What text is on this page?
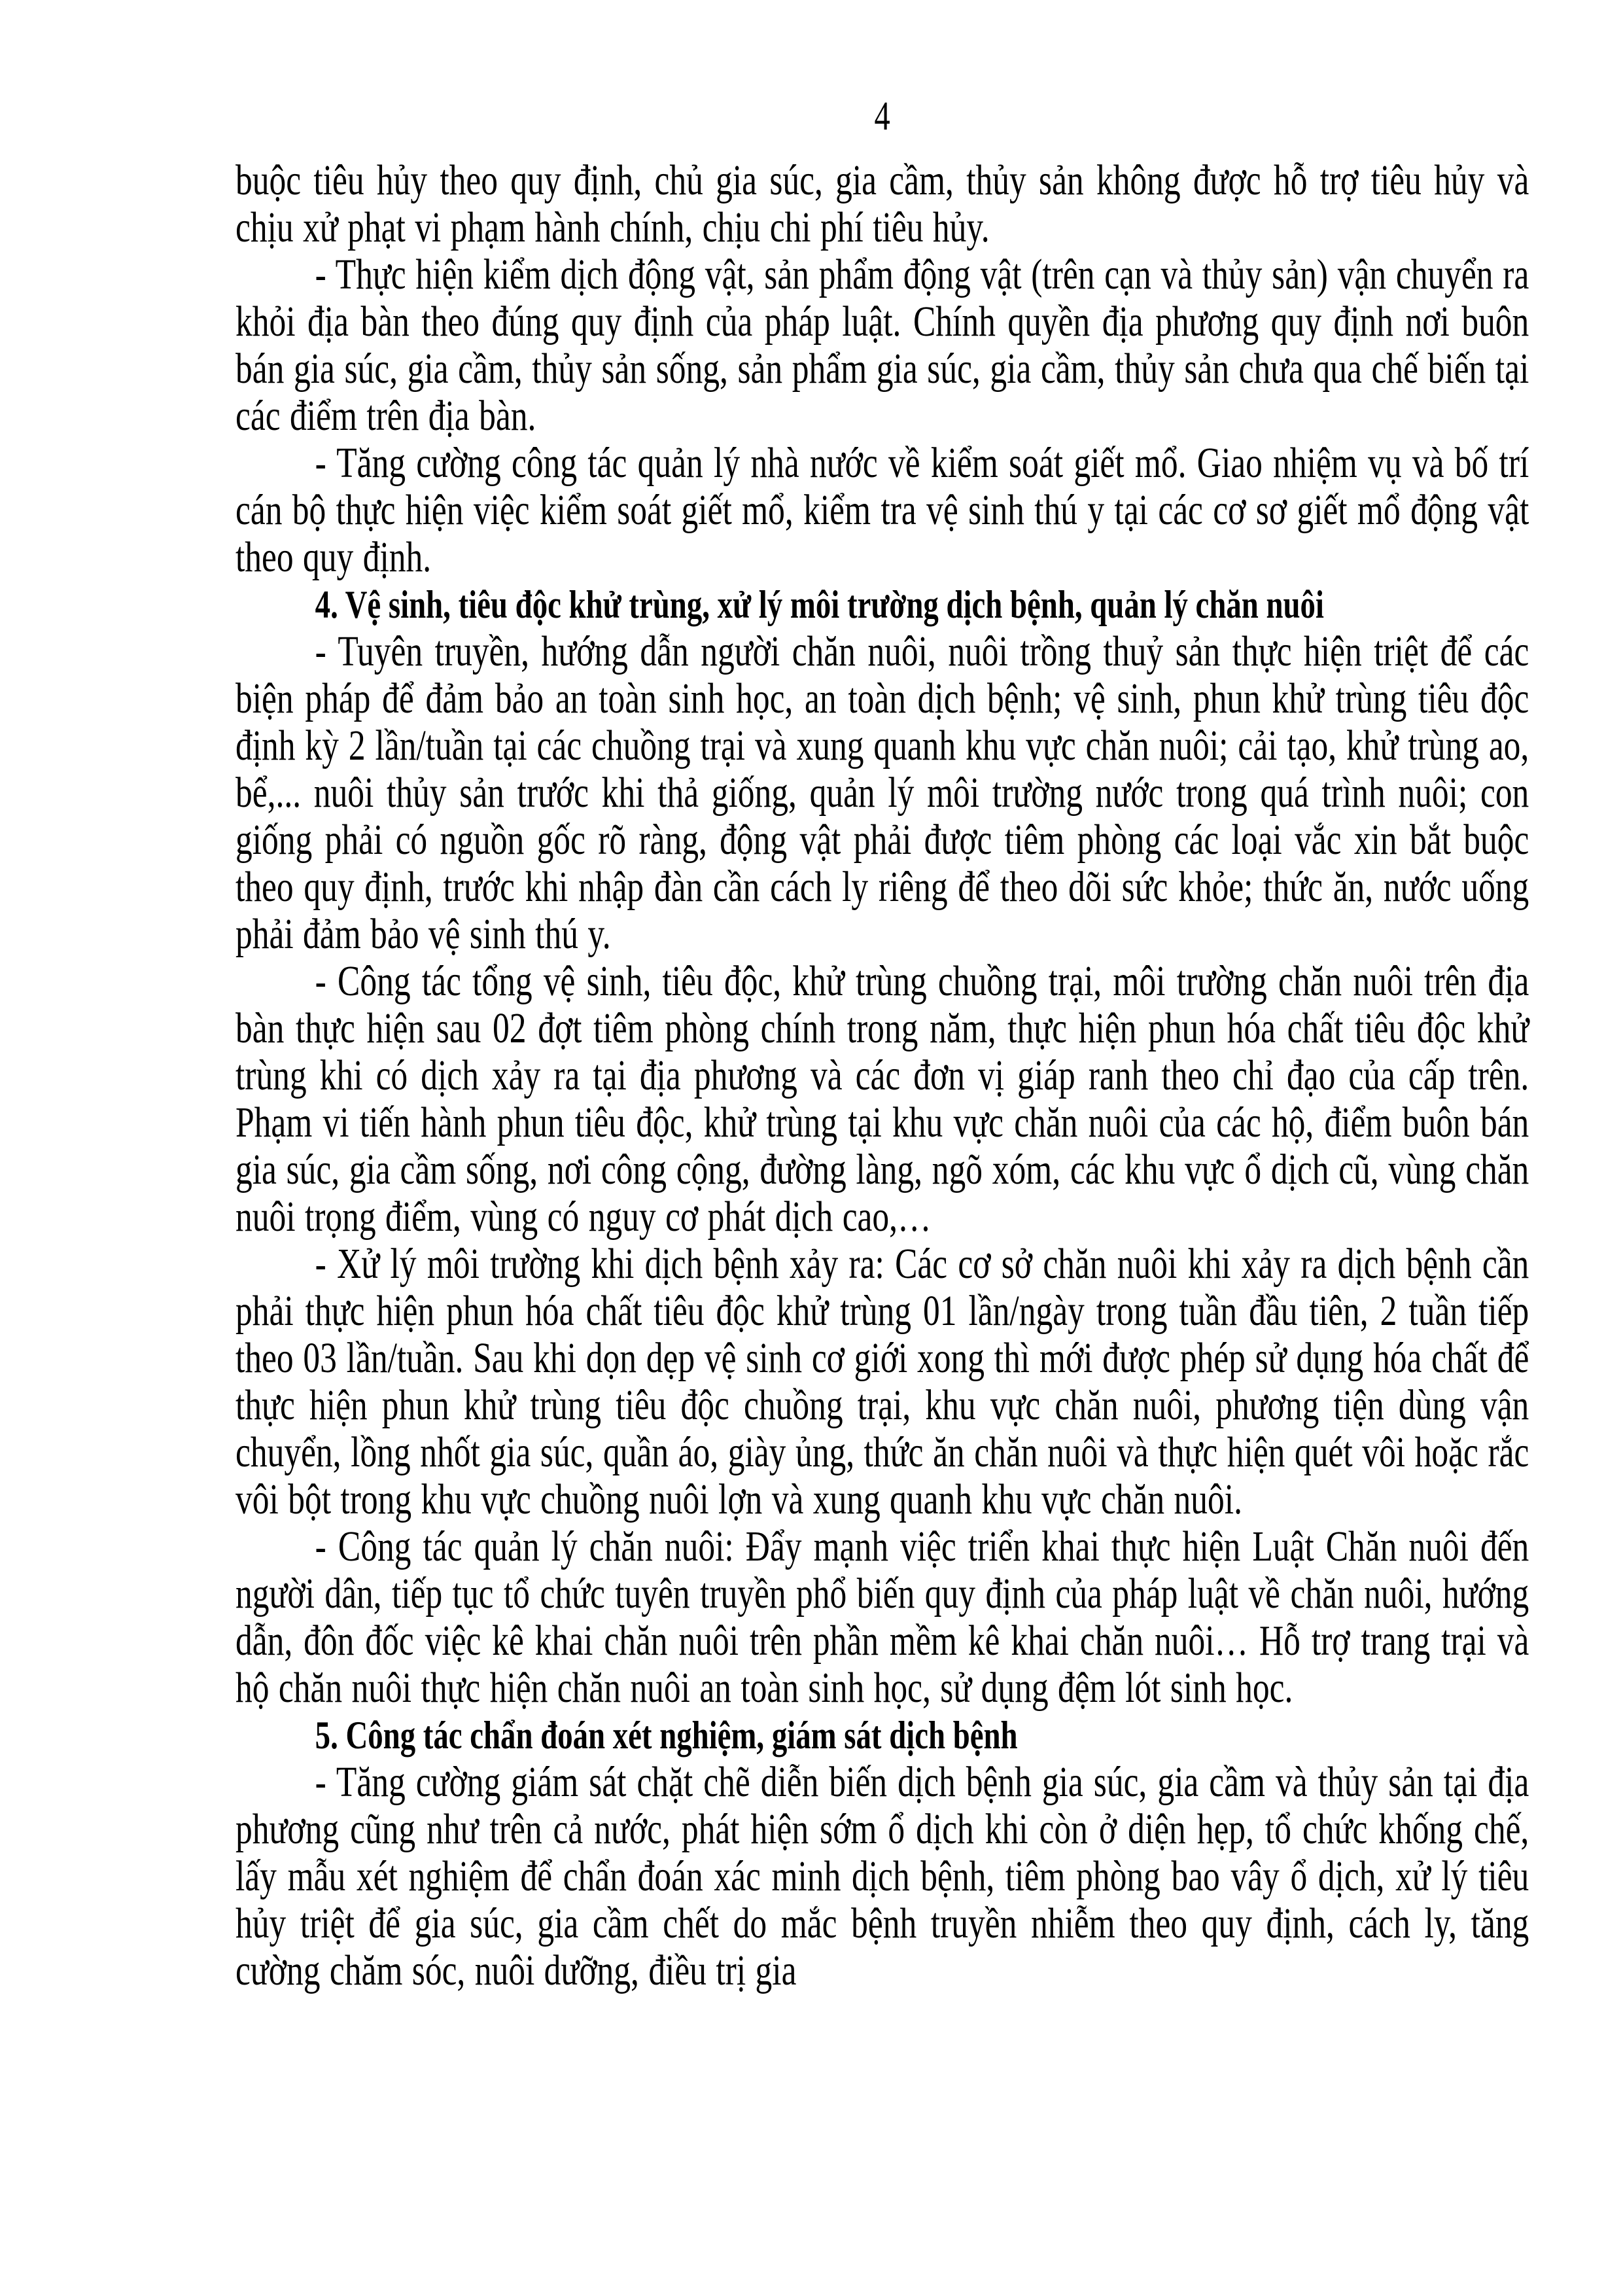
4

buộc tiêu hủy theo quy định, chủ gia súc, gia cầm, thủy sản không được hỗ trợ tiêu hủy và chịu xử phạt vi phạm hành chính, chịu chi phí tiêu hủy.

- Thực hiện kiểm dịch động vật, sản phẩm động vật (trên cạn và thủy sản) vận chuyển ra khỏi địa bàn theo đúng quy định của pháp luật. Chính quyền địa phương quy định nơi buôn bán gia súc, gia cầm, thủy sản sống, sản phẩm gia súc, gia cầm, thủy sản chưa qua chế biến tại các điểm trên địa bàn.

- Tăng cường công tác quản lý nhà nước về kiểm soát giết mổ. Giao nhiệm vụ và bố trí cán bộ thực hiện việc kiểm soát giết mổ, kiểm tra vệ sinh thú y tại các cơ sơ giết mổ động vật theo quy định.

4. Vệ sinh, tiêu độc khử trùng, xử lý môi trường dịch bệnh, quản lý chăn nuôi

- Tuyên truyền, hướng dẫn người chăn nuôi, nuôi trồng thuỷ sản thực hiện triệt để các biện pháp để đảm bảo an toàn sinh học, an toàn dịch bệnh; vệ sinh, phun khử trùng tiêu độc định kỳ 2 lần/tuần tại các chuồng trại và xung quanh khu vực chăn nuôi; cải tạo, khử trùng ao, bể,... nuôi thủy sản trước khi thả giống, quản lý môi trường nước trong quá trình nuôi; con giống phải có nguồn gốc rõ ràng, động vật phải được tiêm phòng các loại vắc xin bắt buộc theo quy định, trước khi nhập đàn cần cách ly riêng để theo dõi sức khỏe; thức ăn, nước uống phải đảm bảo vệ sinh thú y.

- Công tác tổng vệ sinh, tiêu độc, khử trùng chuồng trại, môi trường chăn nuôi trên địa bàn thực hiện sau 02 đợt tiêm phòng chính trong năm, thực hiện phun hóa chất tiêu độc khử trùng khi có dịch xảy ra tại địa phương và các đơn vị giáp ranh theo chỉ đạo của cấp trên. Phạm vi tiến hành phun tiêu độc, khử trùng tại khu vực chăn nuôi của các hộ, điểm buôn bán gia súc, gia cầm sống, nơi công cộng, đường làng, ngõ xóm, các khu vực ổ dịch cũ, vùng chăn nuôi trọng điểm, vùng có nguy cơ phát dịch cao,…

- Xử lý môi trường khi dịch bệnh xảy ra: Các cơ sở chăn nuôi khi xảy ra dịch bệnh cần phải thực hiện phun hóa chất tiêu độc khử trùng 01 lần/ngày trong tuần đầu tiên, 2 tuần tiếp theo 03 lần/tuần. Sau khi dọn dẹp vệ sinh cơ giới xong thì mới được phép sử dụng hóa chất để thực hiện phun khử trùng tiêu độc chuồng trại, khu vực chăn nuôi, phương tiện dùng vận chuyển, lồng nhốt gia súc, quần áo, giày ủng, thức ăn chăn nuôi và thực hiện quét vôi hoặc rắc vôi bột trong khu vực chuồng nuôi lợn và xung quanh khu vực chăn nuôi.

- Công tác quản lý chăn nuôi: Đẩy mạnh việc triển khai thực hiện Luật Chăn nuôi đến người dân, tiếp tục tổ chức tuyên truyền phổ biến quy định của pháp luật về chăn nuôi, hướng dẫn, đôn đốc việc kê khai chăn nuôi trên phần mềm kê khai chăn nuôi… Hỗ trợ trang trại và hộ chăn nuôi thực hiện chăn nuôi an toàn sinh học, sử dụng đệm lót sinh học.

5. Công tác chẩn đoán xét nghiệm, giám sát dịch bệnh

- Tăng cường giám sát chặt chẽ diễn biến dịch bệnh gia súc, gia cầm và thủy sản tại địa phương cũng như trên cả nước, phát hiện sớm ổ dịch khi còn ở diện hẹp, tổ chức khống chế, lấy mẫu xét nghiệm để chẩn đoán xác minh dịch bệnh, tiêm phòng bao vây ổ dịch, xử lý tiêu hủy triệt để gia súc, gia cầm chết do mắc bệnh truyền nhiễm theo quy định, cách ly, tăng cường chăm sóc, nuôi dưỡng, điều trị gia
